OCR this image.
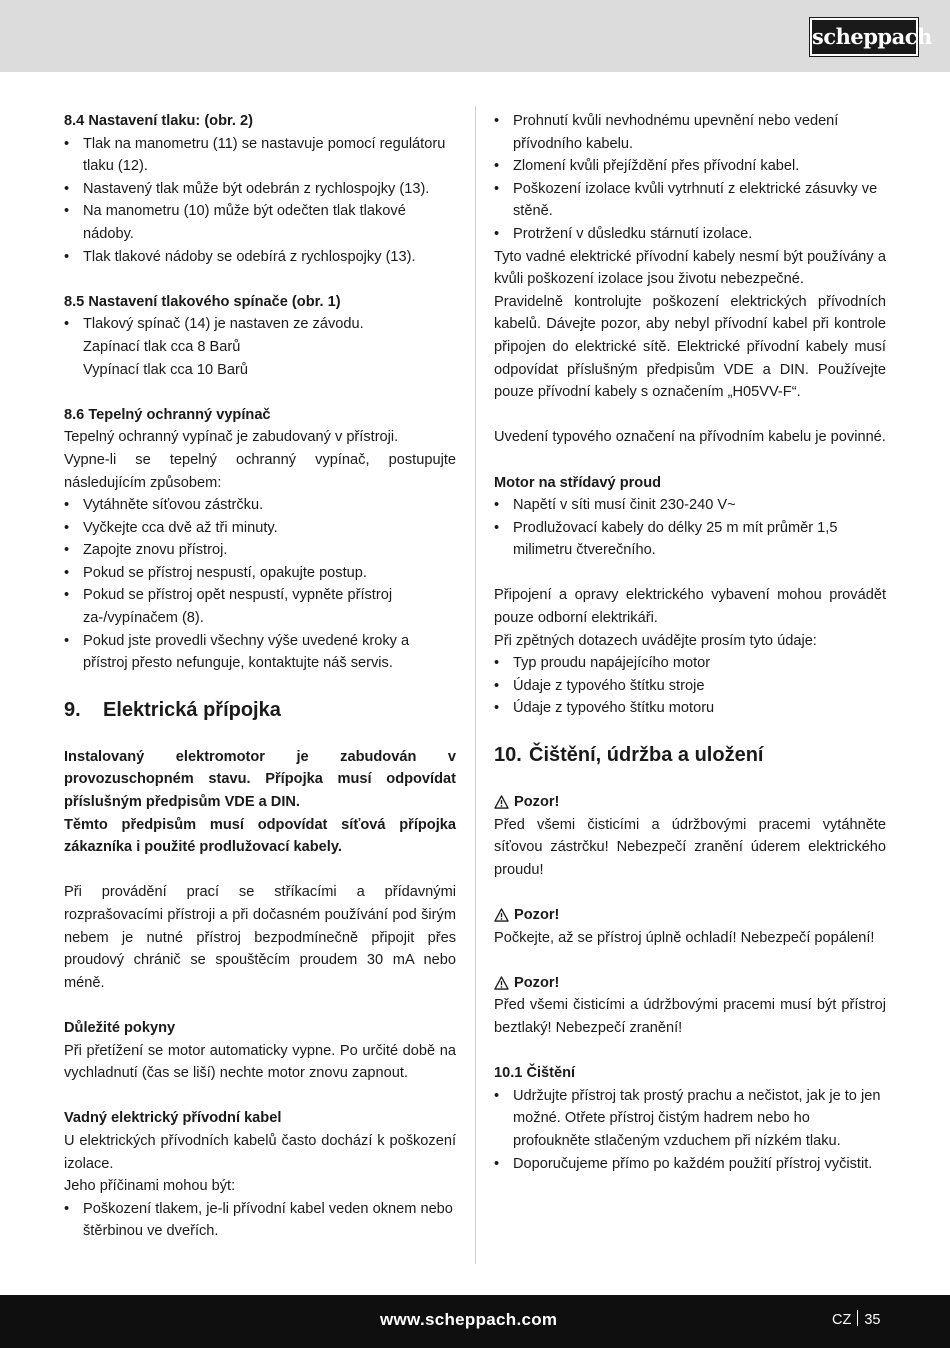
scheppach
8.4 Nastavení tlaku: (obr. 2)
• Tlak na manometru (11) se nastavuje pomocí regulátoru tlaku (12).
• Nastavený tlak může být odebrán z rychlospojky (13).
• Na manometru (10) může být odečten tlak tlakové nádoby.
• Tlak tlakové nádoby se odebírá z rychlospojky (13).
8.5 Nastavení tlakového spínače (obr. 1)
• Tlakový spínač (14) je nastaven ze závodu.
Zapínací tlak cca 8 Barů
Vypínací tlak cca 10 Barů
8.6 Tepelný ochranný vypínač

Tepelný ochranný vypínač je zabudovaný v přístroji.

Vypne-li se tepelný ochranný vypínač, postupujte následujícím způsobem:

• Vytáhněte síťovou zástrčku.
• Vyčkejte cca dvě až tři minuty.
• Zapojte znovu přístroj.
• Pokud se přístroj nespustí, opakujte postup.
• Pokud se přístroj opět nespustí, vypněte přístroj za-/vypínačem (8).
• Pokud jste provedli všechny výše uvedené kroky a přístroj přesto nefunguje, kontaktujte náš servis.
9. Elektrická přípojka

Instalovaný elektromotor je zabudován v provozuschopném stavu. Přípojka musí odpovídat příslušným předpisům VDE a DIN.

Těmto předpisům musí odpovídat síťová přípojka zákazníka i použité prodlužovací kabely.

Při provádění prací se stříkacími a přídavnými rozprašovacími přístroji a při dočasném používání pod širým nebem je nutné přístroj bezpodmínečně připojit přes proudový chránič se spouštěcím proudem 30 mA nebo méně.

Důležité pokyny

Při přetížení se motor automaticky vypne. Po určité době na vychladnutí (čas se liší) nechte motor znovu zapnout.

Vadný elektrický přívodní kabel

U elektrických přívodních kabelů často dochází k poškození izolace.

Jeho příčinami mohou být:

• Poškození tlakem, je-li přívodní kabel veden oknem nebo štěrbinou ve dveřích.
• Prohnutí kvůli nevhodnému upevnění nebo vedení přívodního kabelu.
• Zlomení kvůli přejíždění přes přívodní kabel.
• Poškození izolace kvůli vytrhnutí z elektrické zásuvky ve stěně.
• Protržení v důsledku stárnutí izolace.

Tyto vadné elektrické přívodní kabely nesmí být používány a kvůli poškození izolace jsou životu nebezpečné.

Pravidelně kontrolujte poškození elektrických přívodních kabelů. Dávejte pozor, aby nebyl přívodní kabel při kontrole připojen do elektrické sítě. Elektrické přívodní kabely musí odpovídat příslušným předpisům VDE a DIN. Používejte pouze přívodní kabely s označením „H05VV-F“.

Uvedení typového označení na přívodním kabelu je povinné.

Motor na střídavý proud
• Napětí v síti musí činit 230-240 V~
• Prodlužovací kabely do délky 25 m mít průměr 1,5 milimetru čtverečního.

Připojení a opravy elektrického vybavení mohou provádět pouze odborní elektrikáři.

Při zpětných dotazech uvádějte prosím tyto údaje:

• Typ proudu napájejícího motor
• Údaje z typového štítku stroje
• Údaje z typového štítku motoru
10. Čištění, údržba a uložení
Pozor!

Před všemi čisticími a údržbovými pracemi vytáhněte síťovou zástrčku! Nebezpečí zranění úderem elektrického proudu!

Pozor!

Počkejte, až se přístroj úplně ochladí! Nebezpečí popálení!

Pozor!

Před všemi čisticími a údržbovými pracemi musí být přístroj beztlaký! Nebezpečí zranění!

10.1 Čištění
• Udržujte přístroj tak prostý prachu a nečistot, jak je to jen možné. Otřete přístroj čistým hadrem nebo ho profoukněte stlačeným vzduchem při nízkém tlaku.
• Doporučujeme přímo po každém použití přístroj vyčistit.
www.scheppach.com	CZ 35
